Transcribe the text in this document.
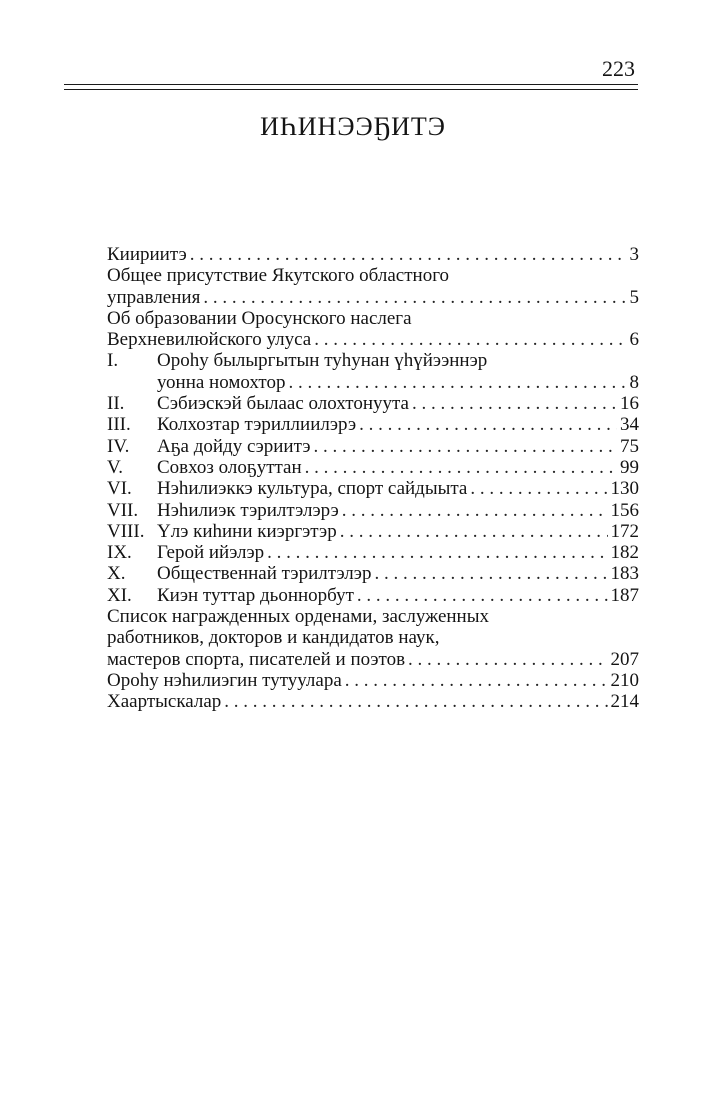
223
ИҺИНЭЭҔИТЭ
Киириитэ . . .	3
Общее присутствие Якутского областного
управления . . .	5
Об образовании Оросунского наслега
Верхневилюйского улуса . . .	6
I.	Ороһу былыргытын туһунан үһүйээннэр
уонна номохтор . . .	8
II.	Сэбиэскэй былаас олохтонуута . . .	16
III.	Колхозтар тэриллиилэрэ . . .	34
IV.	Аҕа дойду сэриитэ . . .	75
V.	Совхоз олоҕуттан . . .	99
VI.	Нэһилиэккэ культура, спорт сайдыыта . . .	130
VII. Нэһилиэк тэрилтэлэрэ . . .	156
VIII. Үлэ киһини киэргэтэр . . .	172
IX.	Герой ийэлэр . . .	182
X.	Общественнай тэрилтэлэр . . .	183
XI.	Киэн туттар дьоннорбут . . .	187
Список награжденных орденами, заслуженных
работников, докторов и кандидатов наук,
мастеров спорта, писателей и поэтов . . .	207
Ороһу нэһилиэгин тутуулара . . .	210
Хаартыскалар . . .	214
